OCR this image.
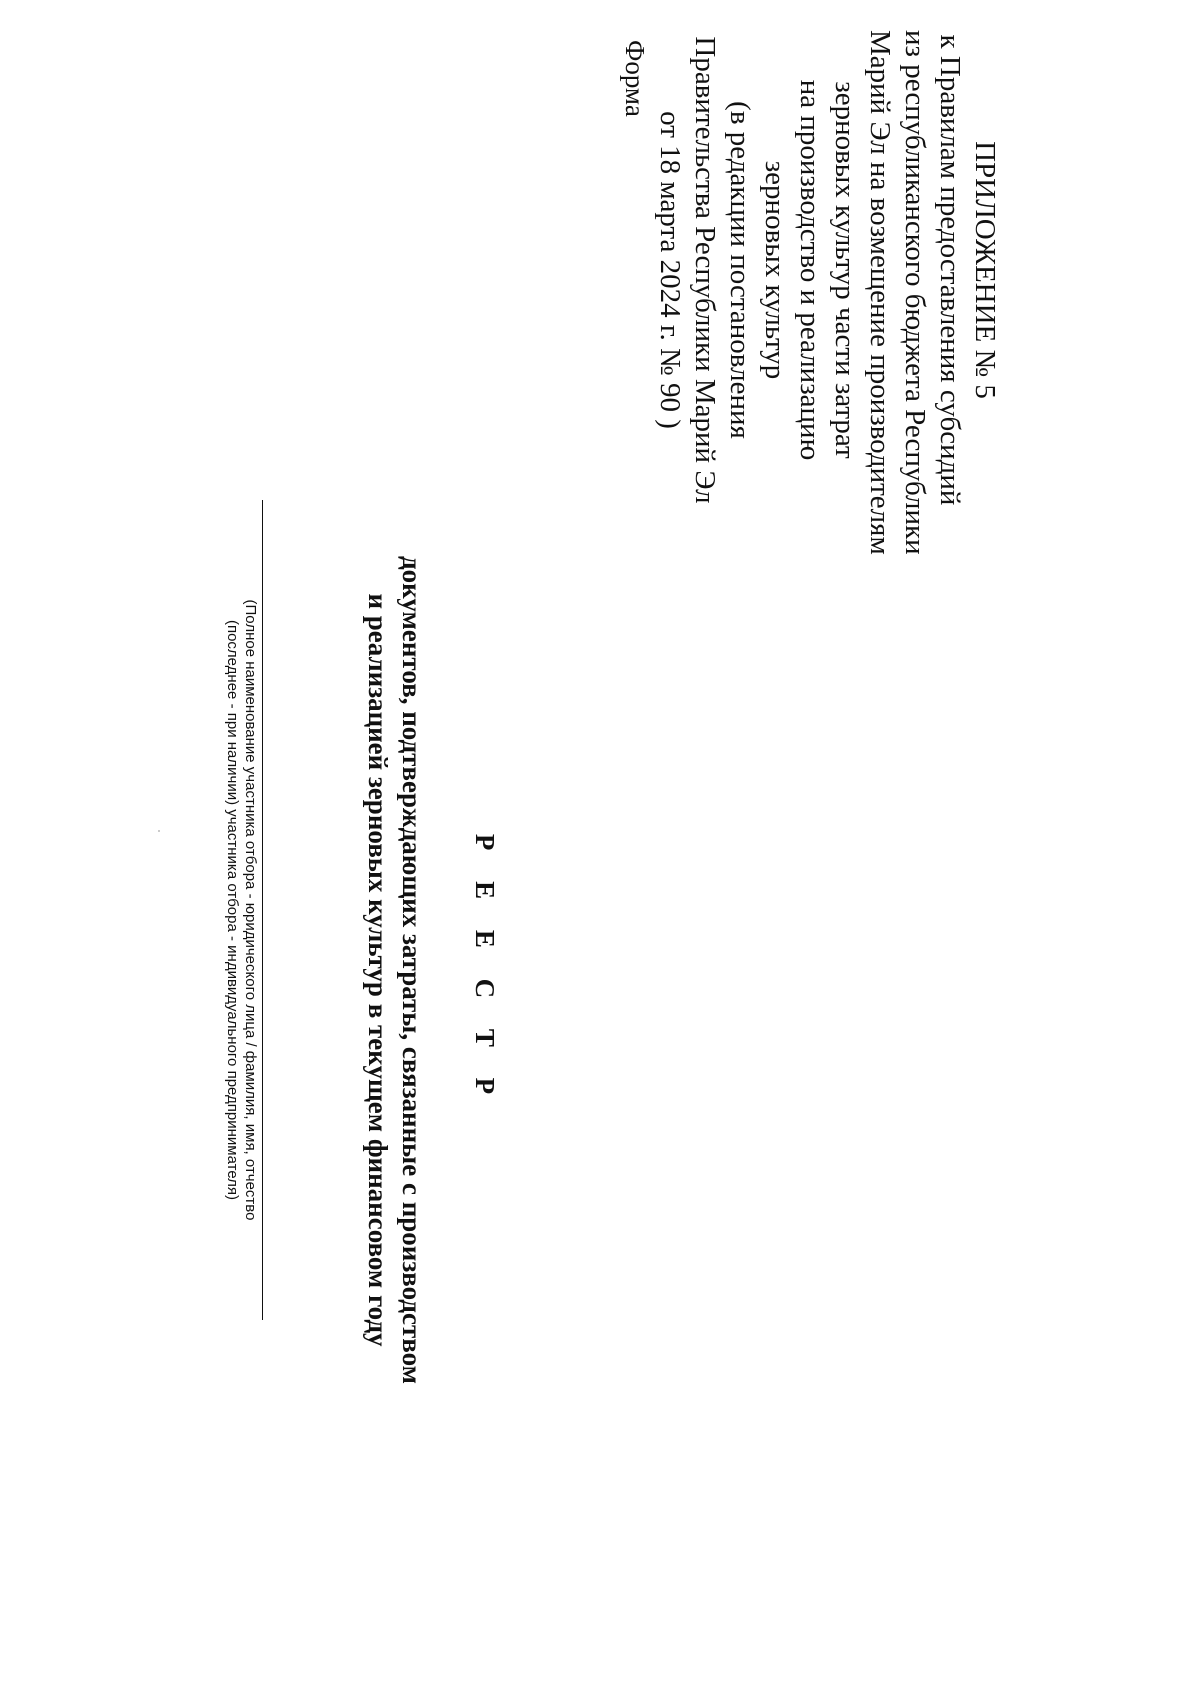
ПРИЛОЖЕНИЕ № 5
к Правилам предоставления субсидий
из республиканского бюджета Республики
Марий Эл на возмещение производителям
зерновых культур части затрат
на производство и реализацию
зерновых культур
(в редакции постановления
Правительства Республики Марий Эл
от 18 марта 2024 г. № 90 )
Форма
Р Е Е С Т Р
документов, подтверждающих затраты, связанные с производством
и реализацией зерновых культур в текущем финансовом году
(Полное наименование участника отбора - юридического лица / фамилия, имя, отчество
(последнее - при наличии) участника отбора - индивидуального предпринимателя)
